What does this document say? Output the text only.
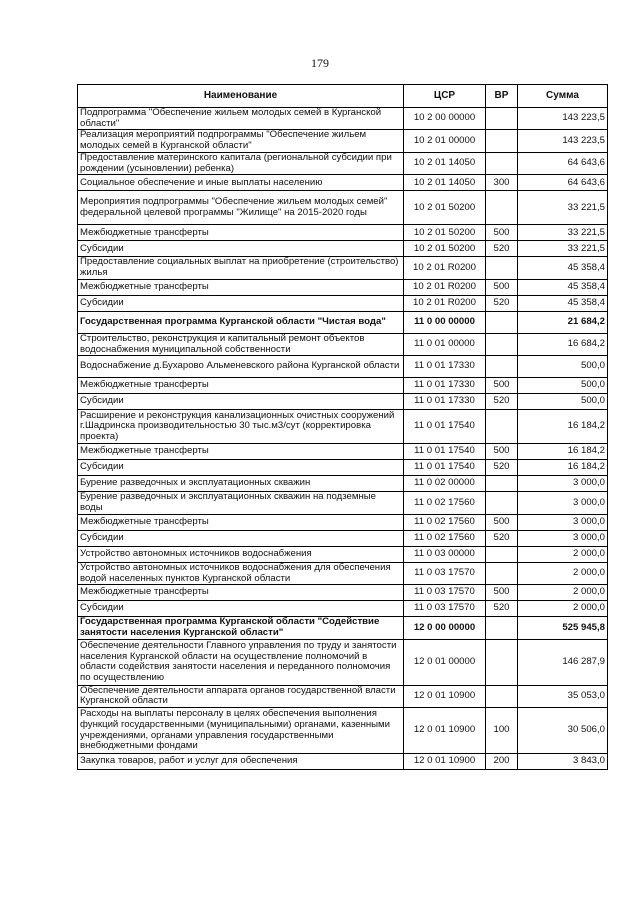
179
Наименование	ЦСР	ВР	Сумма
Подпрограмма "Обеспечение жильем молодых семей в Курганской области"	10 2 00 00000		143 223,5
Реализация мероприятий подпрограммы "Обеспечение жильем молодых семей в Курганской области"	10 2 01 00000		143 223,5
Предоставление материнского капитала (региональной субсидии при рождении (усыновлении) ребенка)	10 2 01 14050		64 643,6
Социальное обеспечение и иные выплаты населению	10 2 01 14050	300	64 643,6
Мероприятия подпрограммы "Обеспечение жильем молодых семей" федеральной целевой программы "Жилище" на 2015-2020 годы	10 2 01 50200		33 221,5
Межбюджетные трансферты	10 2 01 50200	500	33 221,5
Субсидии	10 2 01 50200	520	33 221,5
Предоставление социальных выплат на приобретение (строительство) жилья	10 2 01 R0200		45 358,4
Межбюджетные трансферты	10 2 01 R0200	500	45 358,4
Субсидии	10 2 01 R0200	520	45 358,4
Государственная программа Курганской области "Чистая вода"	11 0 00 00000		21 684,2
Строительство, реконструкция и капитальный ремонт объектов водоснабжения муниципальной собственности	11 0 01 00000		16 684,2
Водоснабжение д.Бухарово Альменевского района Курганской области	11 0 01 17330		500,0
Межбюджетные трансферты	11 0 01 17330	500	500,0
Субсидии	11 0 01 17330	520	500,0
Расширение и реконструкция канализационных очистных сооружений г.Шадринска производительностью 30 тыс.м3/сут (корректировка проекта)	11 0 01 17540		16 184,2
Межбюджетные трансферты	11 0 01 17540	500	16 184,2
Субсидии	11 0 01 17540	520	16 184,2
Бурение разведочных и эксплуатационных скважин	11 0 02 00000		3 000,0
Бурение разведочных и эксплуатационных скважин на подземные воды	11 0 02 17560		3 000,0
Межбюджетные трансферты	11 0 02 17560	500	3 000,0
Субсидии	11 0 02 17560	520	3 000,0
Устройство автономных источников водоснабжения	11 0 03 00000		2 000,0
Устройство автономных источников водоснабжения для обеспечения водой населенных пунктов Курганской области	11 0 03 17570		2 000,0
Межбюджетные трансферты	11 0 03 17570	500	2 000,0
Субсидии	11 0 03 17570	520	2 000,0
Государственная программа Курганской области "Содействие занятости населения Курганской области"	12 0 00 00000		525 945,8
Обеспечение деятельности Главного управления по труду и занятости населения Курганской области на осуществление полномочий в области содействия занятости населения и переданного полномочия по осуществлению	12 0 01 00000		146 287,9
Обеспечение деятельности аппарата органов государственной власти Курганской области	12 0 01 10900		35 053,0
Расходы на выплаты персоналу в целях обеспечения выполнения функций государственными (муниципальными) органами, казенными учреждениями, органами управления государственными внебюджетными фондами	12 0 01 10900	100	30 506,0
Закупка товаров, работ и услуг для обеспечения	12 0 01 10900	200	3 843,0
